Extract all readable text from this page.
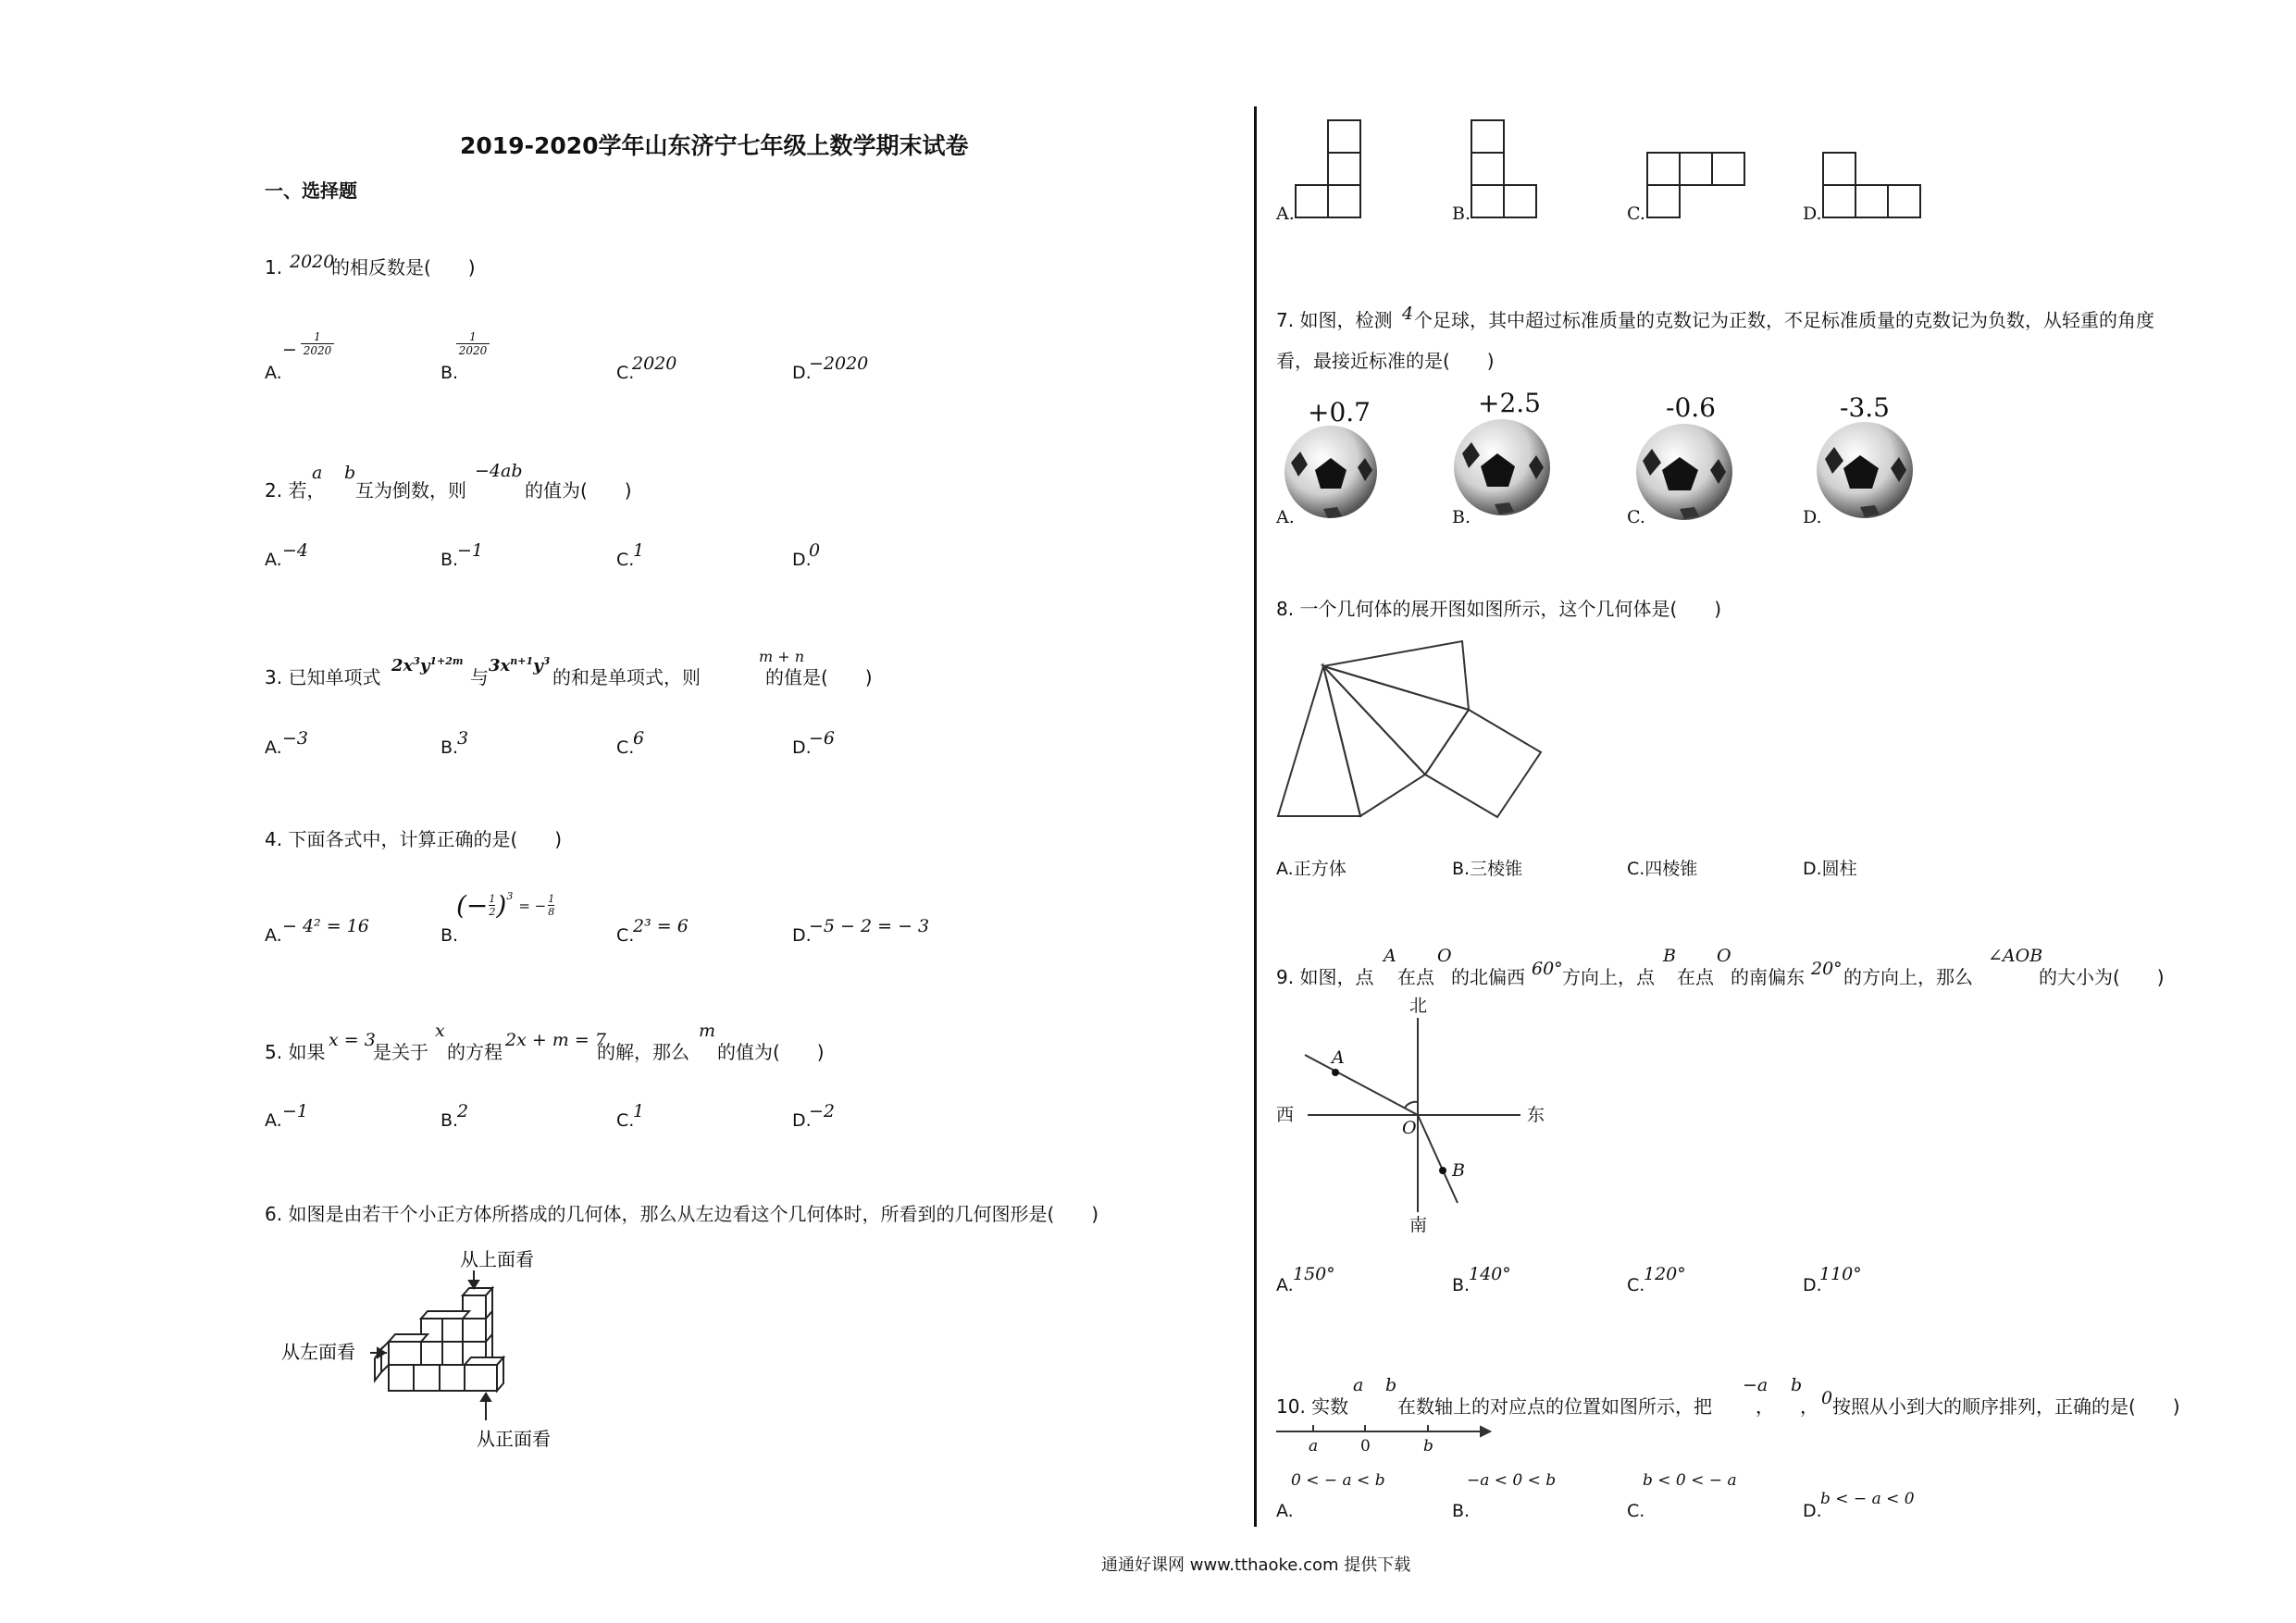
2019-2020学年山东济宁七年级上数学期末试卷
一、选择题
1. 2020
的相反数是(　　)
A.
− $\frac{1}{2020}$
B.
$\frac{1}{2020}$
C.
2020	D.
−2020
2. 若，
a b
互为倒数，则
−4ab
的值为(　　)
A. −4	B.
−1	C.
1	D.
0
3. 已知单项式
$2x^3y^{1+2m}$
与
$3x^{n+1}y^3$
的和是单项式，则
m + n
的值是(　　)
A. −3	B.
3	C.
6	D.
−6
4. 下面各式中，计算正确的是(　　)
A. − 4² = 16	B.
(− $\frac{1}{2} )^3$
= − $\frac{1}{8}$
C.
2³ = 6	D.
−5 − 2 = − 3
5. 如果
x = 3
是关于
x
的方程
2x + m = 7
的解，那么
m
的值为(　　)
A. −1	B.
2	C.
1	D.
−2
6. 如图是由若干个小正方体所搭成的几何体，那么从左边看这个几何体时，所看到的几何图形是(　　)
从上面看
从左面看
从正面看
A.	B.	C.	D.
7. 如图，检测 4 个足球，其中超过标准质量的克数记为正数，不足标准质量的克数记为负数，从轻重的角度
看，最接近标准的是(　　)
+0.7	+2.5	-0.6	-3.5
A.	B.	C.	D.
8. 一个几何体的展开图如图所示，这个几何体是(　　)
A.正方体	B.三棱锥	C.四棱锥	D.圆柱
9. 如图，点
A
在点
O
的北偏西 60° 方向上，点
B
在点
O
的南偏东 20° 的方向上，那么
∠AOB
的大小为(　　)
北
南
西	东
O
A
B
A.
150°
B.
140°
C.
120°
D.
110°
10. 实数
a b
在数轴上的对应点的位置如图所示，把
−a
，
b
， 0 按照从小到大的顺序排列，正确的是(　　)
a	0	b
A.
0 < − a < b
B.
−a < 0 < b
C.
b < 0 < − a
D.
b < − a < 0
通通好课网 www.tthaoke.com 提供下载
